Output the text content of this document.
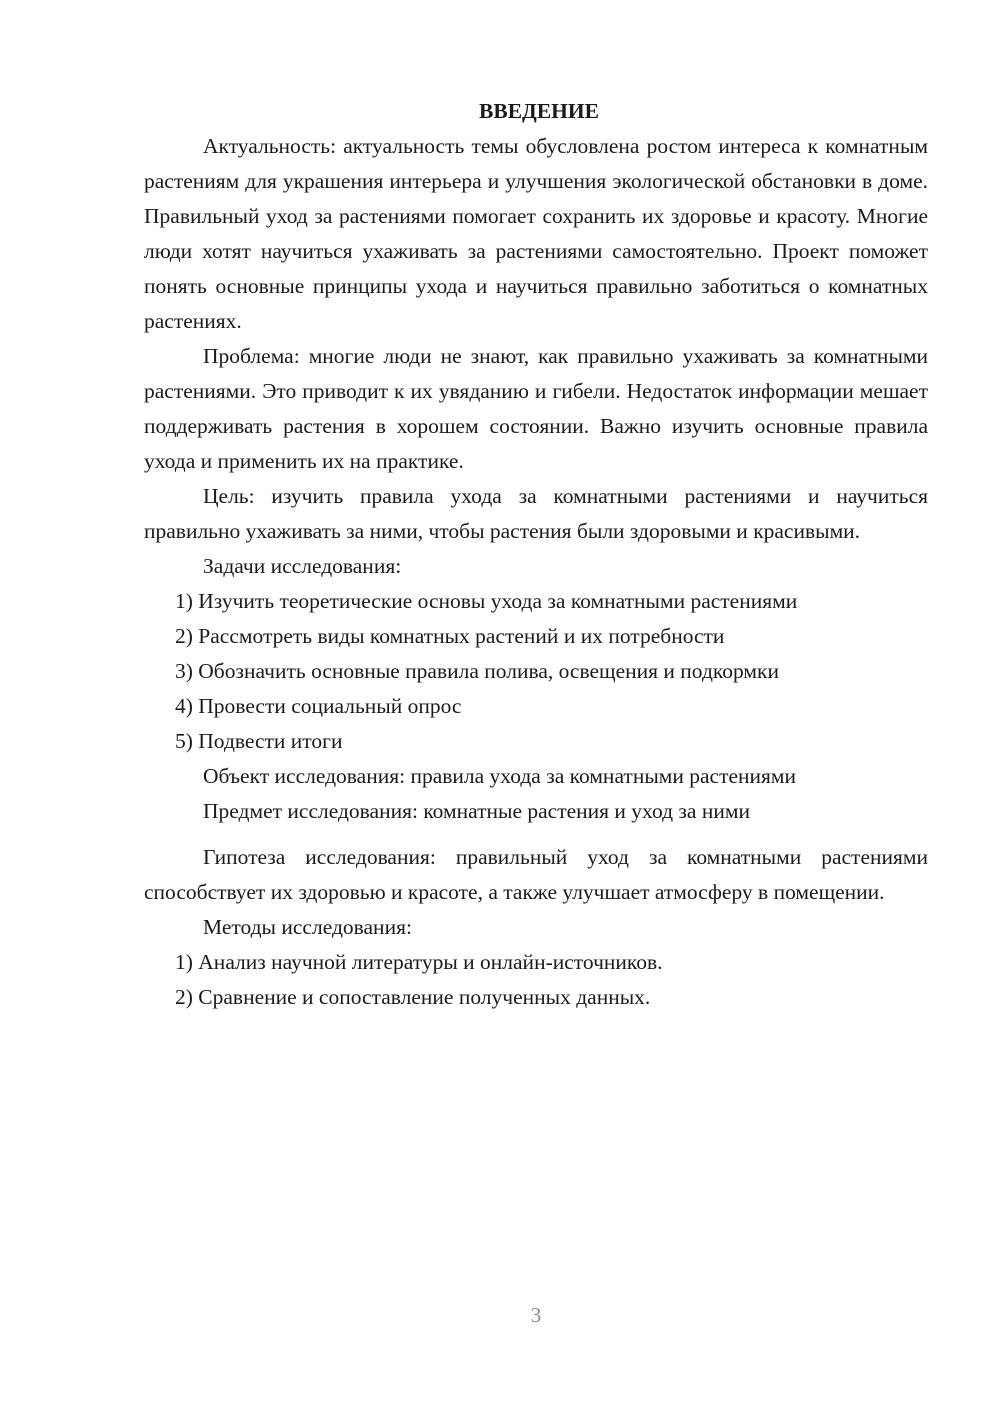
ВВЕДЕНИЕ

Актуальность: актуальность темы обусловлена ростом интереса к комнатным растениям для украшения интерьера и улучшения экологической обстановки в доме. Правильный уход за растениями помогает сохранить их здоровье и красоту. Многие люди хотят научиться ухаживать за растениями самостоятельно. Проект поможет понять основные принципы ухода и научиться правильно заботиться о комнатных растениях.

Проблема: многие люди не знают, как правильно ухаживать за комнатными растениями. Это приводит к их увяданию и гибели. Недостаток информации мешает поддерживать растения в хорошем состоянии. Важно изучить основные правила ухода и применить их на практике.

Цель: изучить правила ухода за комнатными растениями и научиться правильно ухаживать за ними, чтобы растения были здоровыми и красивыми.

Задачи исследования:

1) Изучить теоретические основы ухода за комнатными растениями

2) Рассмотреть виды комнатных растений и их потребности

3) Обозначить основные правила полива, освещения и подкормки

4) Провести социальный опрос

5) Подвести итоги

Объект исследования: правила ухода за комнатными растениями

Предмет исследования: комнатные растения и уход за ними

Гипотеза исследования: правильный уход за комнатными растениями способствует их здоровью и красоте, а также улучшает атмосферу в помещении.

Методы исследования:

1) Анализ научной литературы и онлайн-источников.

2) Сравнение и сопоставление полученных данных.

3
